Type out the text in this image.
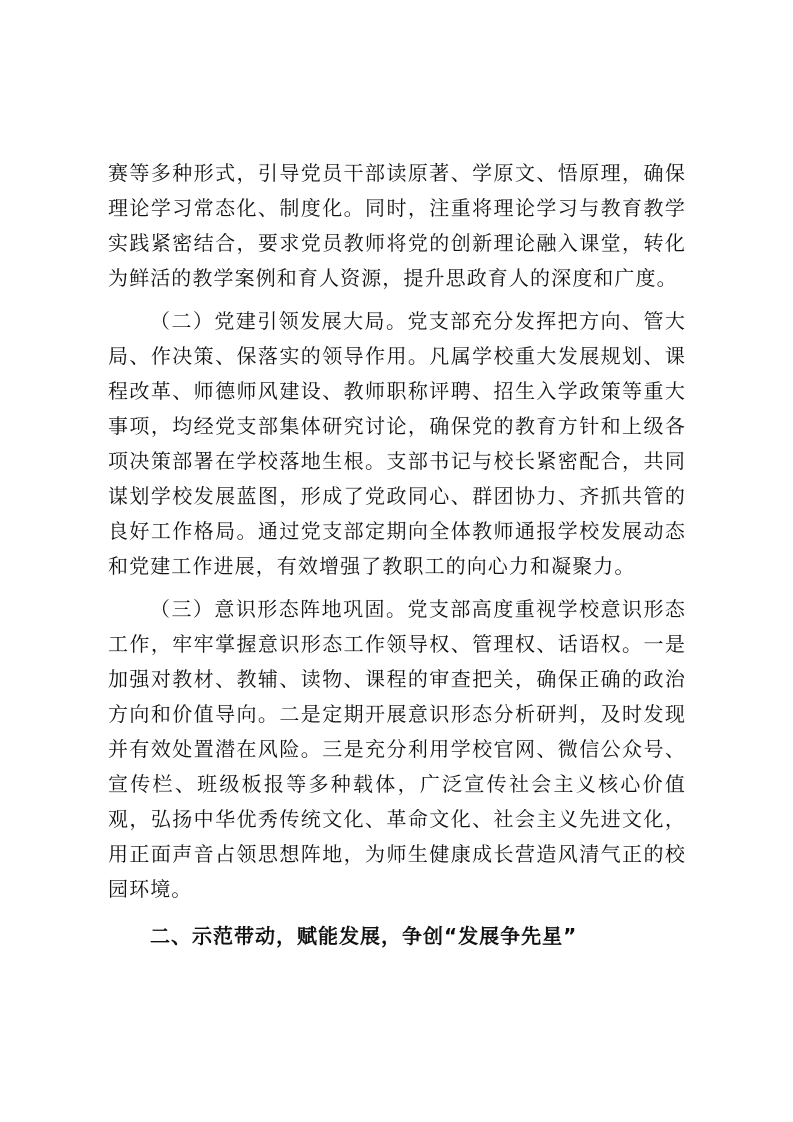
赛等多种形式，引导党员干部读原著、学原文、悟原理，确保理论学习常态化、制度化。同时，注重将理论学习与教育教学实践紧密结合，要求党员教师将党的创新理论融入课堂，转化为鲜活的教学案例和育人资源，提升思政育人的深度和广度。

（二）党建引领发展大局。党支部充分发挥把方向、管大局、作决策、保落实的领导作用。凡属学校重大发展规划、课程改革、师德师风建设、教师职称评聘、招生入学政策等重大事项，均经党支部集体研究讨论，确保党的教育方针和上级各项决策部署在学校落地生根。支部书记与校长紧密配合，共同谋划学校发展蓝图，形成了党政同心、群团协力、齐抓共管的良好工作格局。通过党支部定期向全体教师通报学校发展动态和党建工作进展，有效增强了教职工的向心力和凝聚力。

（三）意识形态阵地巩固。党支部高度重视学校意识形态工作，牢牢掌握意识形态工作领导权、管理权、话语权。一是加强对教材、教辅、读物、课程的审查把关，确保正确的政治方向和价值导向。二是定期开展意识形态分析研判，及时发现并有效处置潜在风险。三是充分利用学校官网、微信公众号、宣传栏、班级板报等多种载体，广泛宣传社会主义核心价值观，弘扬中华优秀传统文化、革命文化、社会主义先进文化，用正面声音占领思想阵地，为师生健康成长营造风清气正的校园环境。

二、示范带动，赋能发展，争创“发展争先星”
